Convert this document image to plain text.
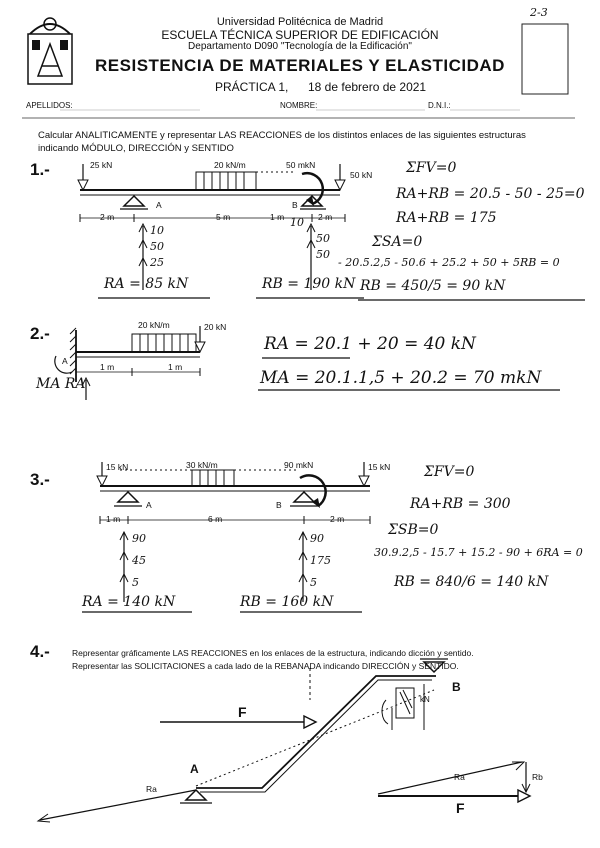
Universidad Politécnica de Madrid
ESCUELA TÉCNICA SUPERIOR DE EDIFICACIÓN
Departamento D090 "Tecnología de la Edificación"
RESISTENCIA DE MATERIALES Y ELASTICIDAD
PRÁCTICA 1, 18 de febrero de 2021
APELLIDOS:	NOMBRE:	D.N.I.:
2-3
Calcular ANALITICAMENTE y representar LAS REACCIONES de los distintos enlaces de las siguientes estructuras
indicando MÓDULO, DIRECCIÓN y SENTIDO
1.-	25 kN	20 kN/m	50 mkN
50 kN
A	B
2 m	5 m	2 m
1 m
10
50
25
10
50
50
RA = 85 kN	RB = 190 kN RB = 450/5 = 90 kN
ΣFV=0
RA+RB = 20.5 - 50 - 25=0
RA+RB = 175
ΣSA=0
- 20.5.2,5 - 50.6 + 25.2 + 50 + 5RB = 0
2.-	20 kN/m	20 kN
A
1 m	1 m
MA RA
RA = 20.1 + 20 = 40 kN
MA = 20.1.1,5 + 20.2 = 70 mkN
3.-
15 kN	30 kN/m	90 mkN	15 kN
A	B
1 m	6 m	2 m
90
45
5
90
175
5
RA = 140 kN	RB = 160 kN
ΣFV=0
RA+RB = 300
ΣSB=0
30.9.2,5 - 15.7 + 15.2 - 90 + 6RA = 0
RB = 840/6 = 140 kN
4.-	Representar gráficamente LAS REACCIONES en los enlaces de la estructura, indicando dicción y sentido.
Representar las SOLICITACIONES a cada lado de la REBANADA indicando DIRECCIÓN y SENTIDO.
F
A
B
Ra
kN
F
Ra	Rb
